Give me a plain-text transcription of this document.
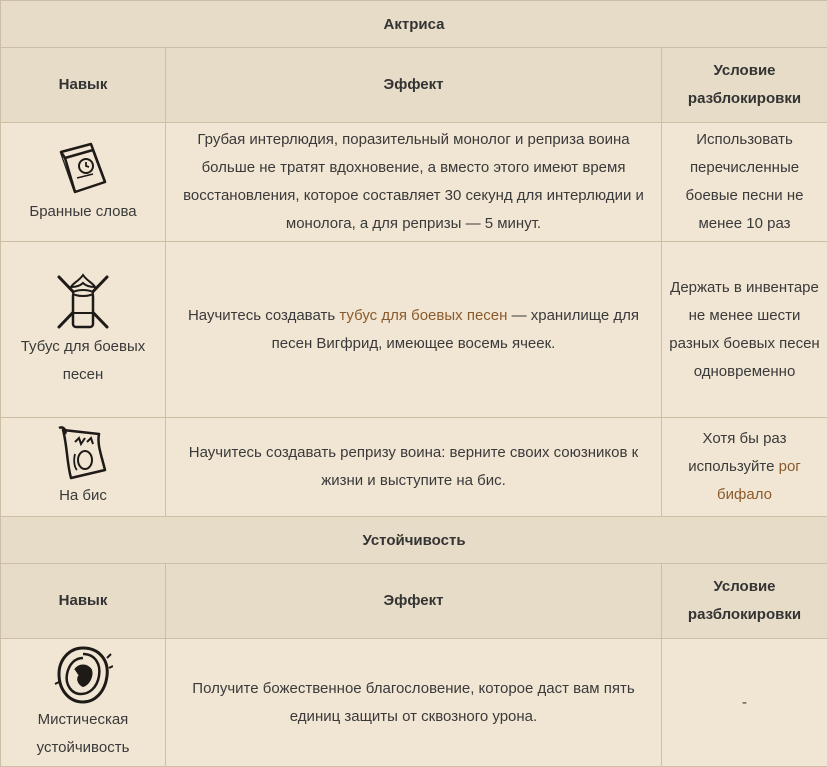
Актриса		
Навык	Эффект	Условие разблокировки

Бранные слова	Грубая интерлюдия, поразительный монолог и реприза воина больше не тратят вдохновение, а вместо этого имеют время восстановления, которое составляет 30 секунд для интерлюдии и монолога, а для репризы — 5 минут.	Использовать перечисленные боевые песни не менее 10 раз

Тубус для боевых песен	Научитесь создавать тубус для боевых песен — хранилище для песен Вигфрид, имеющее восемь ячеек.	Держать в инвентаре не менее шести разных боевых песен одновременно

На бис	Научитесь создавать репризу воина: верните своих союзников к жизни и выступите на бис.	Хотя бы раз используйте рог бифало
Устойчивость		
Навык	Эффект	Условие разблокировки

Мистическая устойчивость	Получите божественное благословение, которое даст вам пять единиц защиты от сквозного урона.	-
